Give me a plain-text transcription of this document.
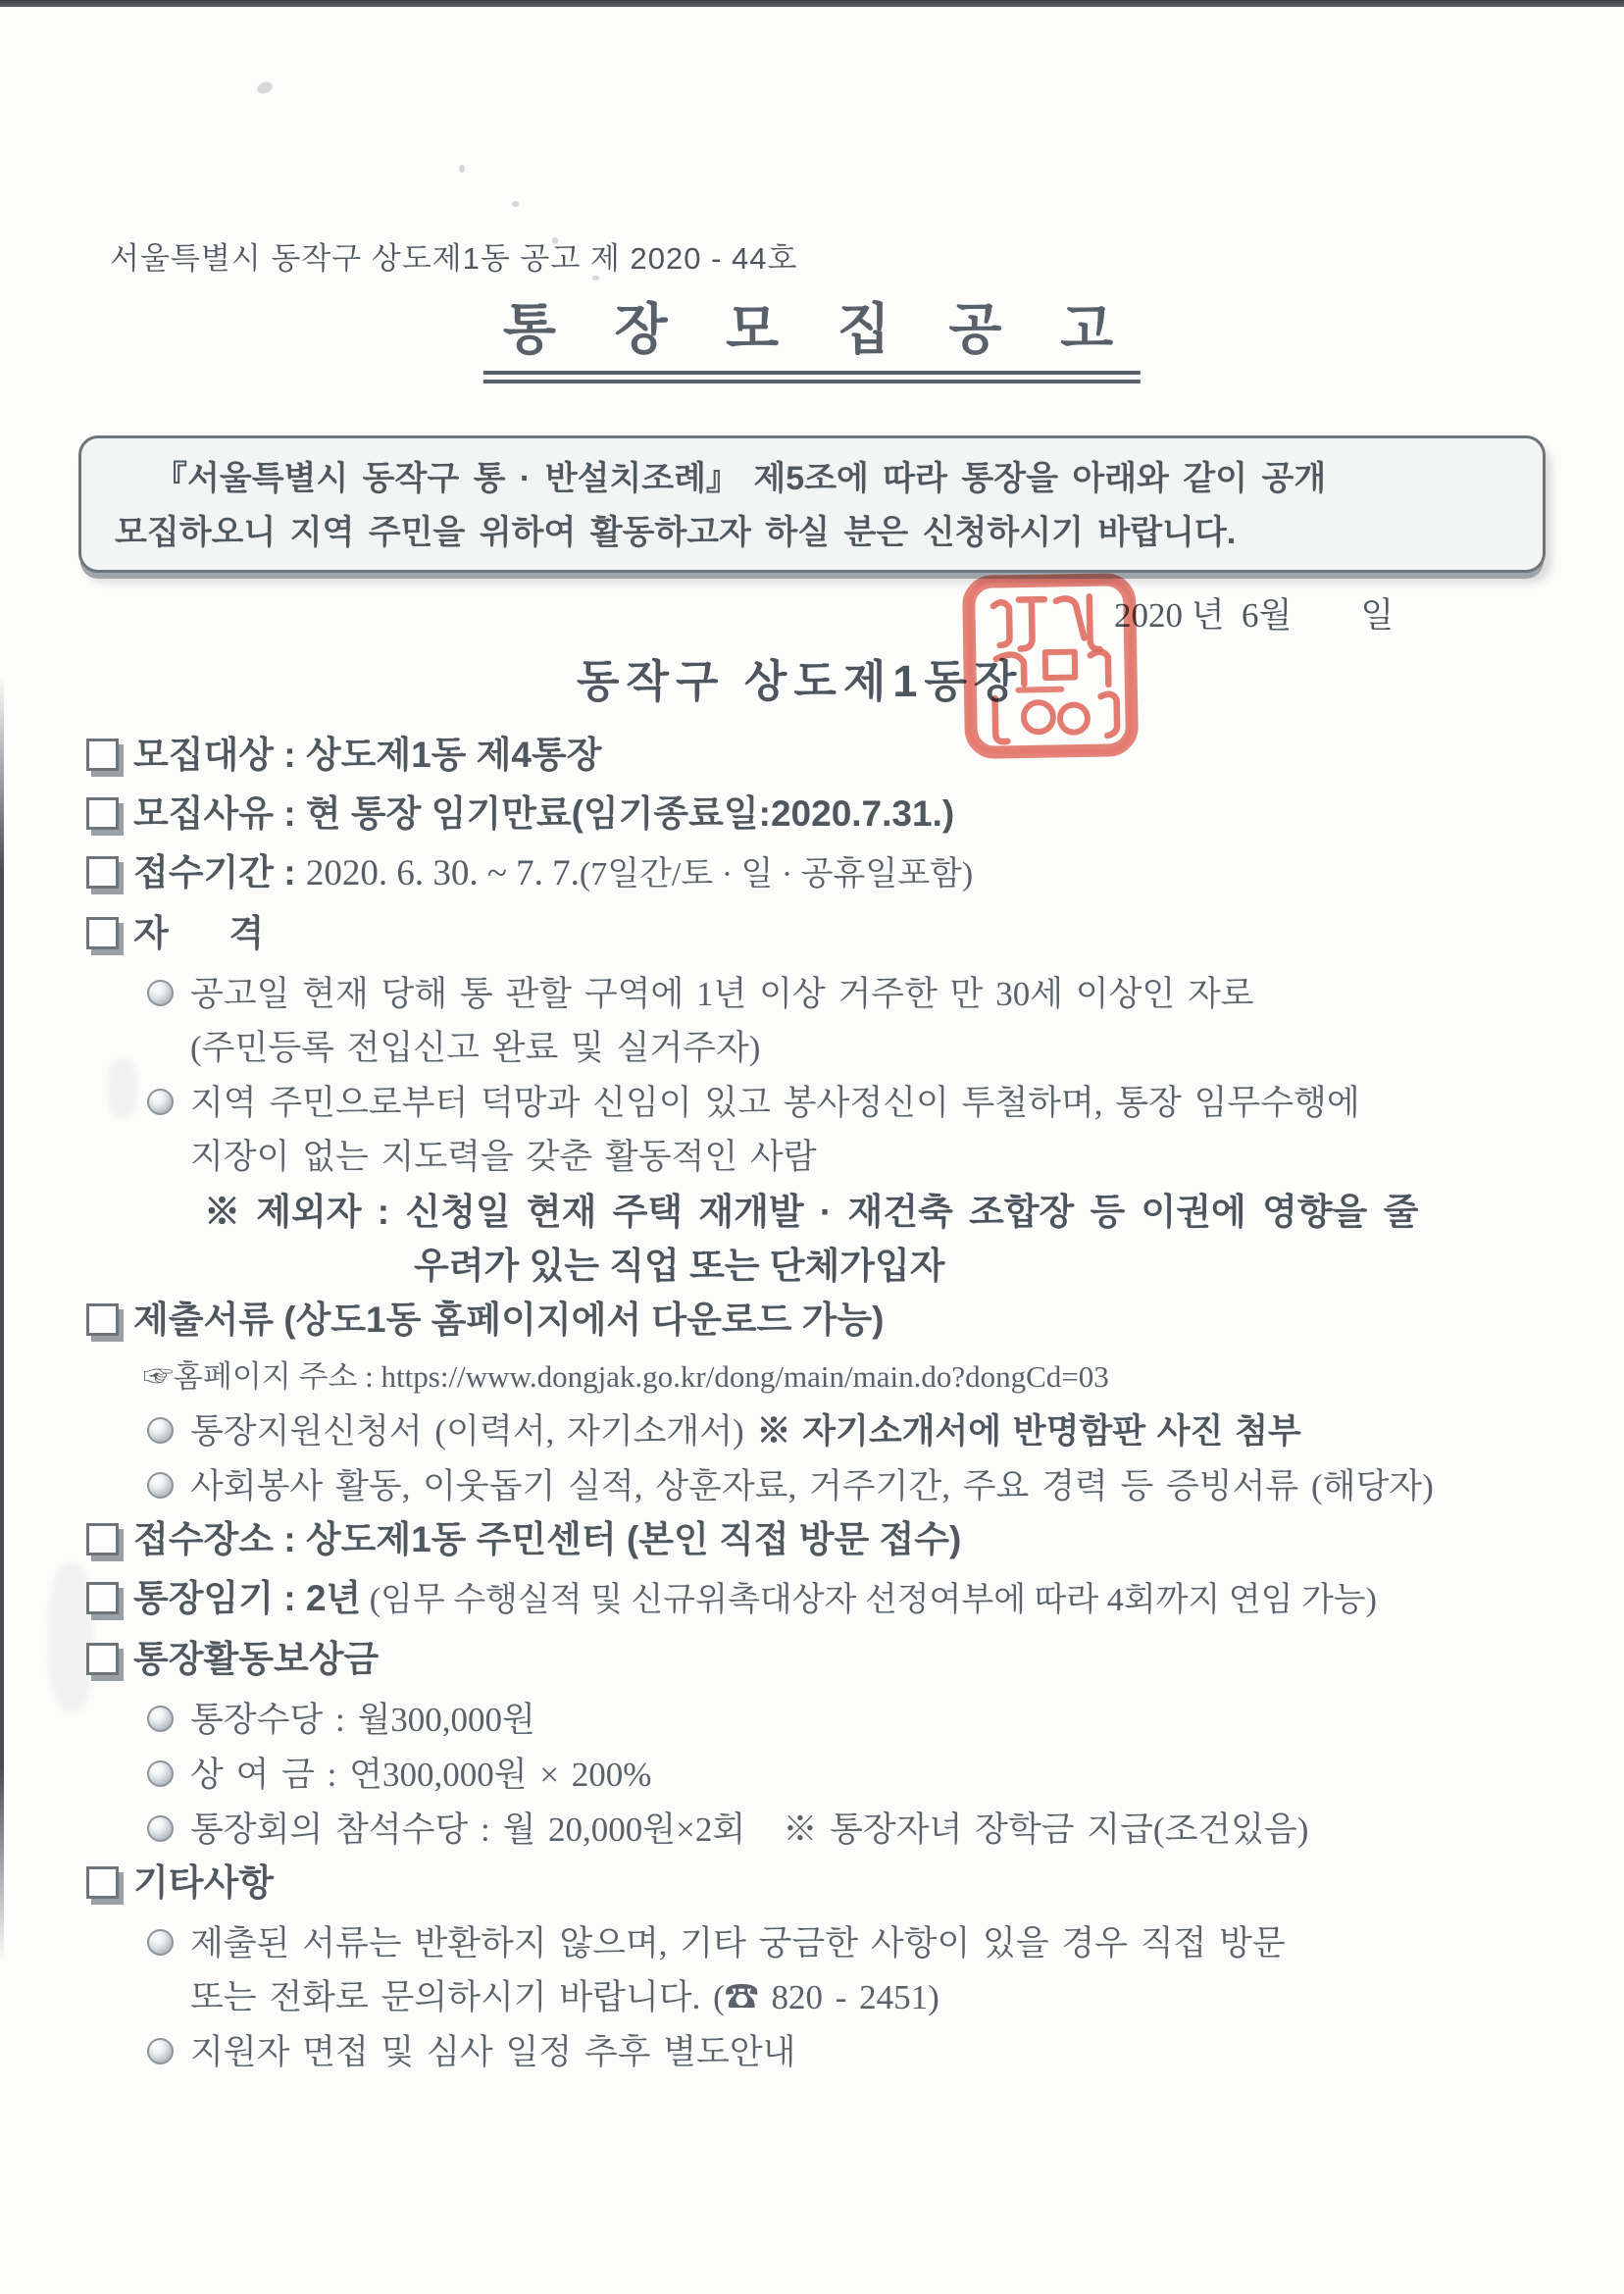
서울특별시 동작구 상도제1동 공고 제 2020 - 44호
통 장 모 집 공 고
『서울특별시 동작구 통 · 반설치조례』 제5조에 따라 통장을 아래와 같이 공개
모집하오니 지역 주민을 위하여 활동하고자 하실 분은 신청하시기 바랍니다.
2020 년  6월        일
동작구 상도제1동장
모집대상 : 상도제1동 제4통장
모집사유 : 현 통장 임기만료(임기종료일:2020.7.31.)
접수기간 : 2020. 6. 30. ~ 7. 7.(7일간/토 · 일 · 공휴일포함)
자      격
공고일 현재 당해 통 관할 구역에 1년 이상 거주한 만 30세 이상인 자로
(주민등록 전입신고 완료 및 실거주자)
지역 주민으로부터 덕망과 신임이 있고 봉사정신이 투철하며, 통장 임무수행에
지장이 없는 지도력을 갖춘 활동적인 사람
※ 제외자 : 신청일 현재 주택 재개발 · 재건축 조합장 등 이권에 영향을 줄
우려가 있는 직업 또는 단체가입자
제출서류 (상도1동 홈페이지에서 다운로드 가능)
☞홈페이지 주소 : https://www.dongjak.go.kr/dong/main/main.do?dongCd=03
통장지원신청서 (이력서, 자기소개서) ※ 자기소개서에 반명함판 사진 첨부
사회봉사 활동, 이웃돕기 실적, 상훈자료, 거주기간, 주요 경력 등 증빙서류 (해당자)
접수장소 : 상도제1동 주민센터 (본인 직접 방문 접수)
통장임기 : 2년 (임무 수행실적 및 신규위촉대상자 선정여부에 따라 4회까지 연임 가능)
통장활동보상금
통장수당 : 월300,000원
상 여 금 : 연300,000원 × 200%
통장회의 참석수당 : 월 20,000원×2회   ※ 통장자녀 장학금 지급(조건있음)
기타사항
제출된 서류는 반환하지 않으며, 기타 궁금한 사항이 있을 경우 직접 방문
또는 전화로 문의하시기 바랍니다. (☎ 820 - 2451)
지원자 면접 및 심사 일정 추후 별도안내
